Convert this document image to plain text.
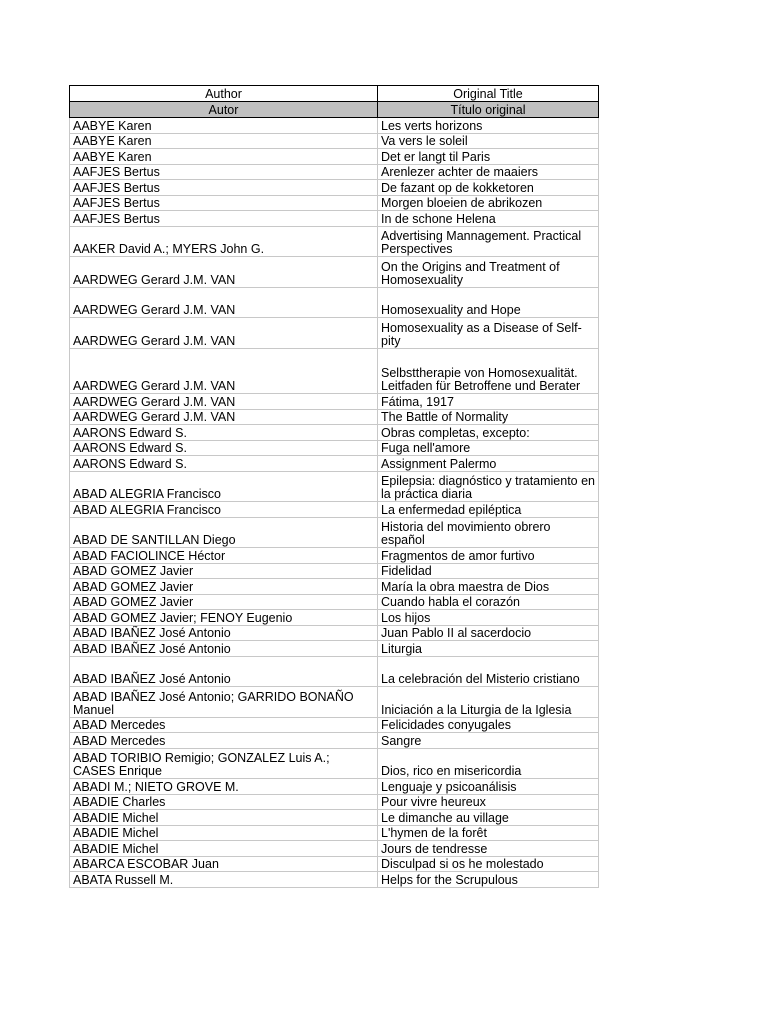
Author	Original Title
Autor	Título original
AABYE Karen	Les verts horizons
AABYE Karen	Va vers le soleil
AABYE Karen	Det er langt til Paris
AAFJES Bertus	Arenlezer achter de maaiers
AAFJES Bertus	De fazant op de kokketoren
AAFJES Bertus	Morgen bloeien de abrikozen
AAFJES Bertus	In de schone Helena
AAKER David A.; MYERS John G.	Advertising Mannagement. Practical Perspectives
AARDWEG Gerard J.M. VAN	On the Origins and Treatment of Homosexuality
AARDWEG Gerard J.M. VAN	Homosexuality and Hope
AARDWEG Gerard J.M. VAN	Homosexuality as a Disease of Self-pity
AARDWEG Gerard J.M. VAN	Selbsttherapie von Homosexualität. Leitfaden für Betroffene und Berater
AARDWEG Gerard J.M. VAN	Fátima, 1917
AARDWEG Gerard J.M. VAN	The Battle of Normality
AARONS Edward S.	Obras completas, excepto:
AARONS Edward S.	Fuga nell'amore
AARONS Edward S.	Assignment Palermo
ABAD ALEGRIA Francisco	Epilepsia: diagnóstico y tratamiento en la práctica diaria
ABAD ALEGRIA Francisco	La enfermedad epiléptica
ABAD DE SANTILLAN Diego	Historia del movimiento obrero español
ABAD FACIOLINCE Héctor	Fragmentos de amor furtivo
ABAD GOMEZ Javier	Fidelidad
ABAD GOMEZ Javier	María la obra maestra de Dios
ABAD GOMEZ Javier	Cuando habla el corazón
ABAD GOMEZ Javier; FENOY Eugenio	Los hijos
ABAD IBAÑEZ José Antonio	Juan Pablo II al sacerdocio
ABAD IBAÑEZ José Antonio	Liturgia
ABAD IBAÑEZ José Antonio	La celebración del Misterio cristiano
ABAD IBAÑEZ José Antonio; GARRIDO BONAÑO Manuel	Iniciación a la Liturgia de la Iglesia
ABAD Mercedes	Felicidades conyugales
ABAD Mercedes	Sangre
ABAD TORIBIO Remigio; GONZALEZ Luis A.; CASES Enrique	Dios, rico en misericordia
ABADI M.; NIETO GROVE M.	Lenguaje y psicoanálisis
ABADIE Charles	Pour vivre heureux
ABADIE Michel	Le dimanche au village
ABADIE Michel	L'hymen de la forêt
ABADIE Michel	Jours de tendresse
ABARCA ESCOBAR Juan	Disculpad si os he molestado
ABATA Russell M.	Helps for the Scrupulous
